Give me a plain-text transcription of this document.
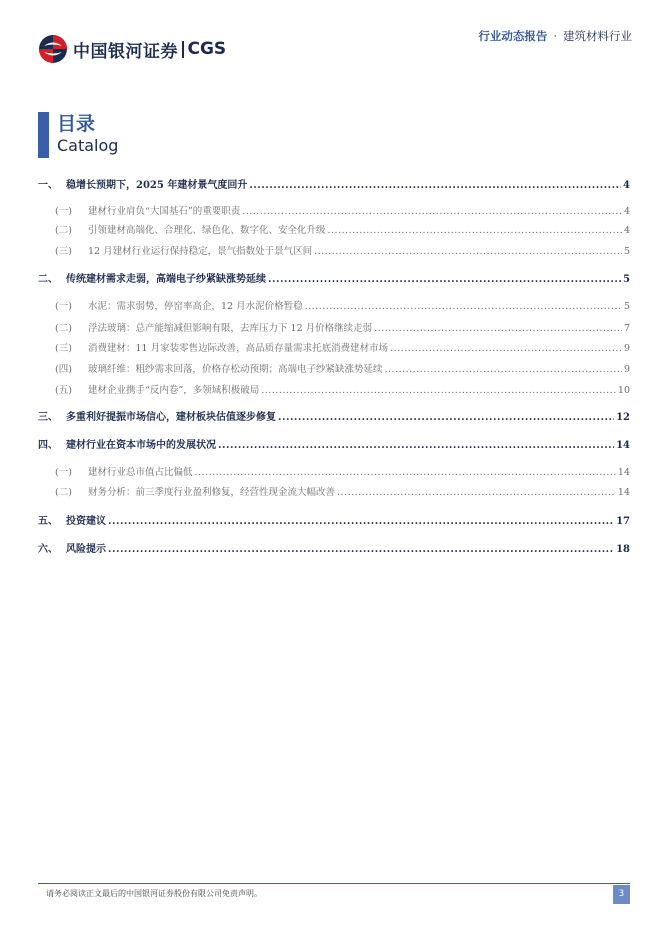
中国银河证券 CGS
行业动态报告 · 建筑材料行业
目录
Catalog
一、 稳增长预期下，2025 年建材景气度回升 .....	4
(一)	建材行业肩负“大国基石”的重要职责 .....	4
(二)	引领建材高端化、合理化、绿色化、数字化、安全化升级 .....	4
(三)	12 月建材行业运行保持稳定，景气指数处于景气区间 .....	5
二、 传统建材需求走弱，高端电子纱紧缺涨势延续 .....	5
(一)	水泥：需求弱势，停窑率高企，12 月水泥价格暂稳 .....	5
(二)	浮法玻璃：总产能缩减但影响有限，去库压力下 12 月价格继续走弱 .....	7
(三)	消费建材：11 月家装零售边际改善，高品质存量需求托底消费建材市场 .....	9
(四)	玻璃纤维：粗纱需求回落，价格存松动预期；高端电子纱紧缺涨势延续 .....	9
(五)	建材企业携手“反内卷”，多领域积极破局 .....	10
三、 多重利好提振市场信心，建材板块估值逐步修复 .....	12
四、 建材行业在资本市场中的发展状况 .....	14
(一)	建材行业总市值占比偏低 .....	14
(二)	财务分析：前三季度行业盈利修复，经营性现金流大幅改善 .....	14
五、 投资建议 .....	17
六、 风险提示 .....	18
请务必阅读正文最后的中国银河证券股份有限公司免责声明。	3
